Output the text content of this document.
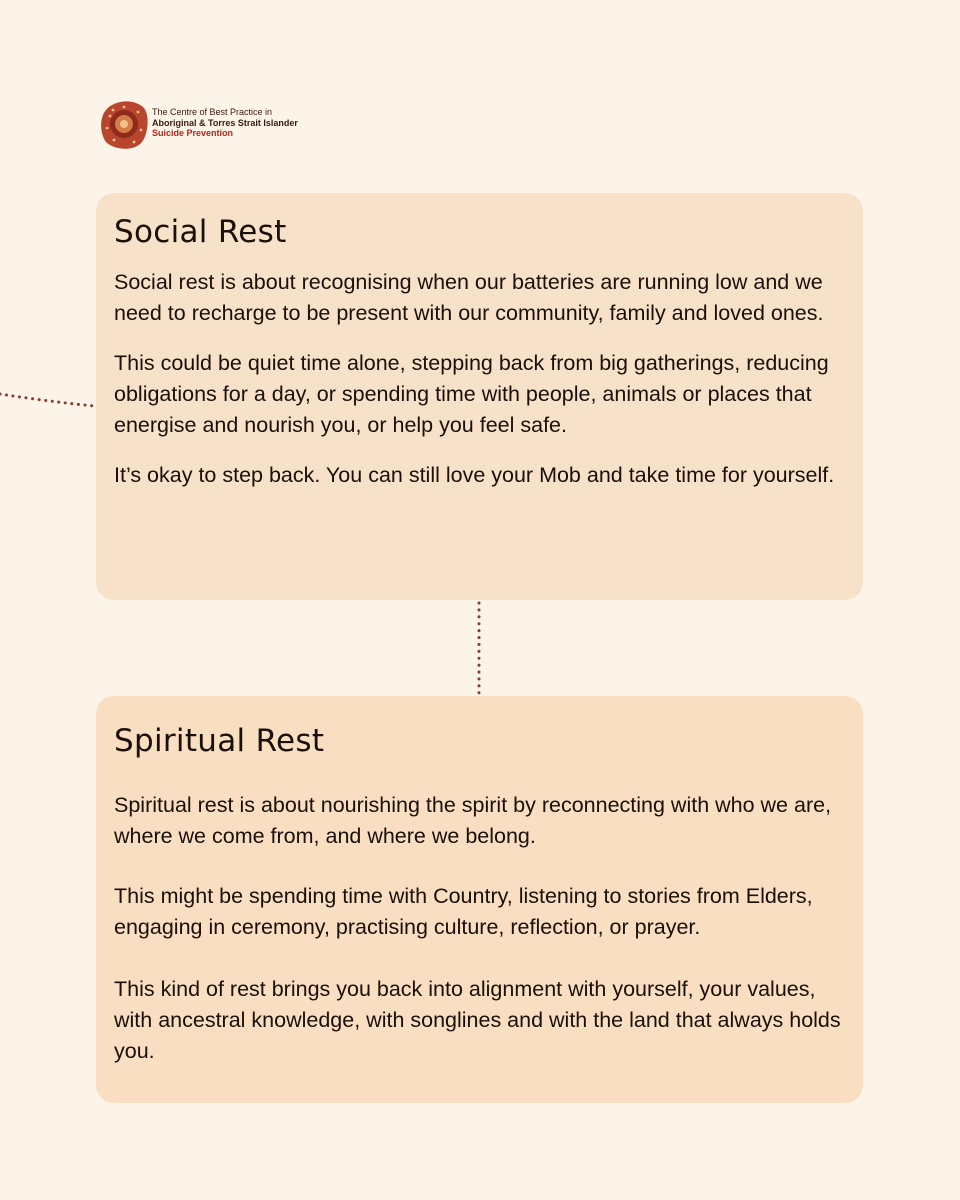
The Centre of Best Practice in
Aboriginal & Torres Strait Islander
Suicide Prevention
Social Rest

Social rest is about recognising when our batteries are running low and we need to recharge to be present with our community, family and loved ones.

This could be quiet time alone, stepping back from big gatherings, reducing obligations for a day, or spending time with people, animals or places that energise and nourish you, or help you feel safe.

It’s okay to step back. You can still love your Mob and take time for yourself.

Spiritual Rest

Spiritual rest is about nourishing the spirit by reconnecting with who we are, where we come from, and where we belong.

This might be spending time with Country, listening to stories from Elders, engaging in ceremony, practising culture, reflection, or prayer.

This kind of rest brings you back into alignment with yourself, your values, with ancestral knowledge, with songlines and with the land that always holds you.
